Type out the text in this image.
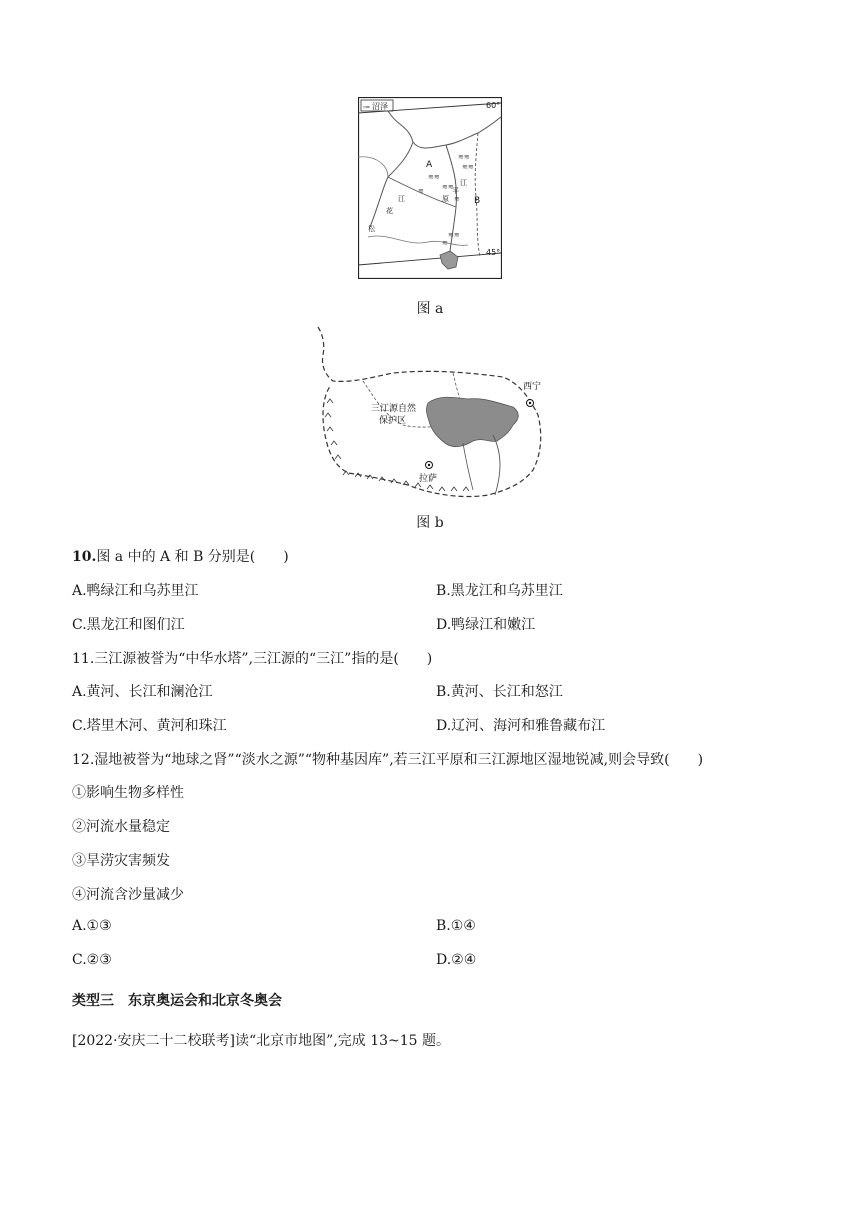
⩴ 沼泽	60°
45°
≋≋
≋≋
≋≋
≋	≋≋
≋
≋≋
≋
A
B
江
平
江	原
松
花
图 a
三江源自然
保护区
西宁
拉萨
图 b
10.图 a 中的 A 和 B 分别是(　　)
A.鸭绿江和乌苏里江	B.黑龙江和乌苏里江
C.黑龙江和图们江	D.鸭绿江和嫩江
11.三江源被誉为“中华水塔”,三江源的“三江”指的是(　　)
A.黄河、长江和澜沧江	B.黄河、长江和怒江
C.塔里木河、黄河和珠江	D.辽河、海河和雅鲁藏布江
12.湿地被誉为“地球之肾”“淡水之源”“物种基因库”,若三江平原和三江源地区湿地锐减,则会导致(　　)
①影响生物多样性
②河流水量稳定
③旱涝灾害频发
④河流含沙量减少
A.①③	B.①④
C.②③	D.②④
类型三　东京奥运会和北京冬奥会
[2022·安庆二十二校联考]读“北京市地图”,完成 13~15 题。
